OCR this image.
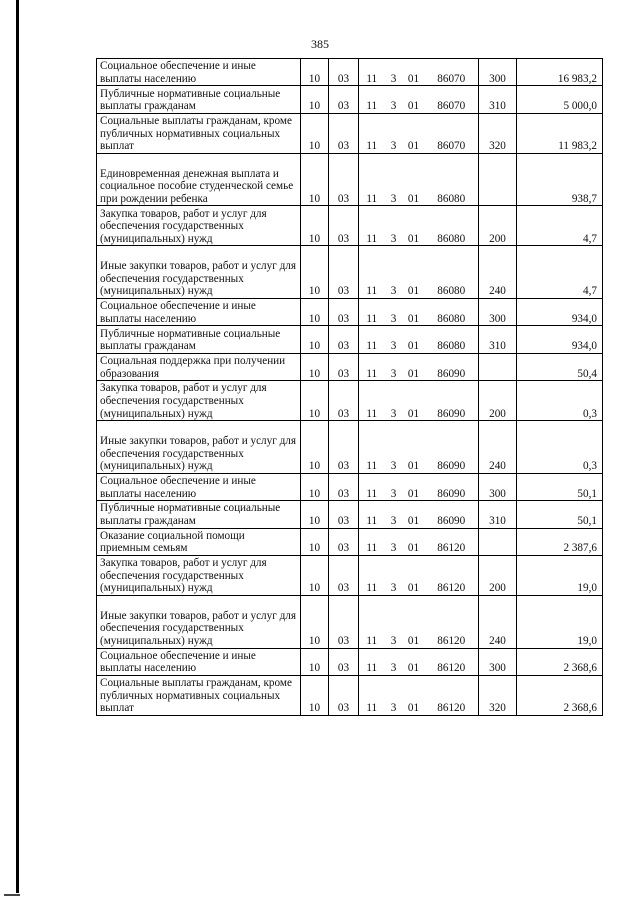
385
Социальное обеспечение и иные выплаты населению	10	03	11	3	01	86070	300	16 983,2
Публичные нормативные социальные выплаты гражданам	10	03	11	3	01	86070	310	5 000,0
Социальные выплаты гражданам, кроме публичных нормативных социальных выплат	10	03	11	3	01	86070	320	11 983,2
Единовременная денежная выплата и социальное пособие студенческой семье при рождении ребенка	10	03	11	3	01	86080		938,7
Закупка товаров, работ и услуг для обеспечения государственных (муниципальных) нужд	10	03	11	3	01	86080	200	4,7
Иные закупки товаров, работ и услуг для обеспечения государственных (муниципальных) нужд	10	03	11	3	01	86080	240	4,7
Социальное обеспечение и иные выплаты населению	10	03	11	3	01	86080	300	934,0
Публичные нормативные социальные выплаты гражданам	10	03	11	3	01	86080	310	934,0
Социальная поддержка при получении образования	10	03	11	3	01	86090		50,4
Закупка товаров, работ и услуг для обеспечения государственных (муниципальных) нужд	10	03	11	3	01	86090	200	0,3
Иные закупки товаров, работ и услуг для обеспечения государственных (муниципальных) нужд	10	03	11	3	01	86090	240	0,3
Социальное обеспечение и иные выплаты населению	10	03	11	3	01	86090	300	50,1
Публичные нормативные социальные выплаты гражданам	10	03	11	3	01	86090	310	50,1
Оказание социальной помощи приемным семьям	10	03	11	3	01	86120		2 387,6
Закупка товаров, работ и услуг для обеспечения государственных (муниципальных) нужд	10	03	11	3	01	86120	200	19,0
Иные закупки товаров, работ и услуг для обеспечения государственных (муниципальных) нужд	10	03	11	3	01	86120	240	19,0
Социальное обеспечение и иные выплаты населению	10	03	11	3	01	86120	300	2 368,6
Социальные выплаты гражданам, кроме публичных нормативных социальных выплат	10	03	11	3	01	86120	320	2 368,6
